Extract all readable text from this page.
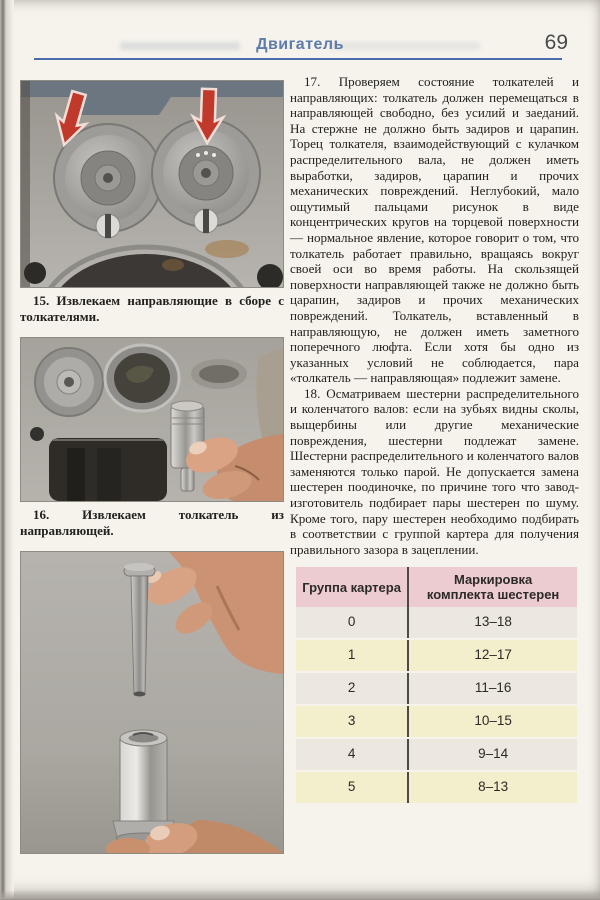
Двигатель	69
15. Извлекаем направляющие в сборе с толкателями.
16. Извлекаем толкатель из направляющей.

17. Проверяем состояние толкателей и направляющих: толкатель должен перемещаться в направляющей свободно, без усилий и заеданий. На стержне не должно быть задиров и царапин. Торец толкателя, взаимодействующий с кулачком распределительного вала, не должен иметь выработки, задиров, царапин и прочих механических повреждений. Неглубокий, мало ощутимый пальцами рисунок в виде концентрических кругов на торцевой поверхности — нормальное явление, которое говорит о том, что толкатель работает правильно, вращаясь вокруг своей оси во время работы. На скользящей поверхности направляющей также не должно быть царапин, задиров и прочих механических повреждений. Толкатель, вставленный в направляющую, не должен иметь заметного поперечного люфта. Если хотя бы одно из указанных условий не соблюдается, пара «толкатель — направляющая» подлежит замене.

18. Осматриваем шестерни распределительного и коленчатого валов: если на зубьях видны сколы, выщербины или другие механические повреждения, шестерни подлежат замене. Шестерни распределительного и коленчатого валов заменяются только парой. Не допускается замена шестерен поодиночке, по причине того что завод-изготовитель подбирает пары шестерен по шуму. Кроме того, пару шестерен необходимо подбирать в соответствии с группой картера для получения правильного зазора в зацеплении.

Группа картера	Маркировка
комплекта шестерен
0	13–18
1	12–17
2	11–16
3	10–15
4	9–14
5	8–13
